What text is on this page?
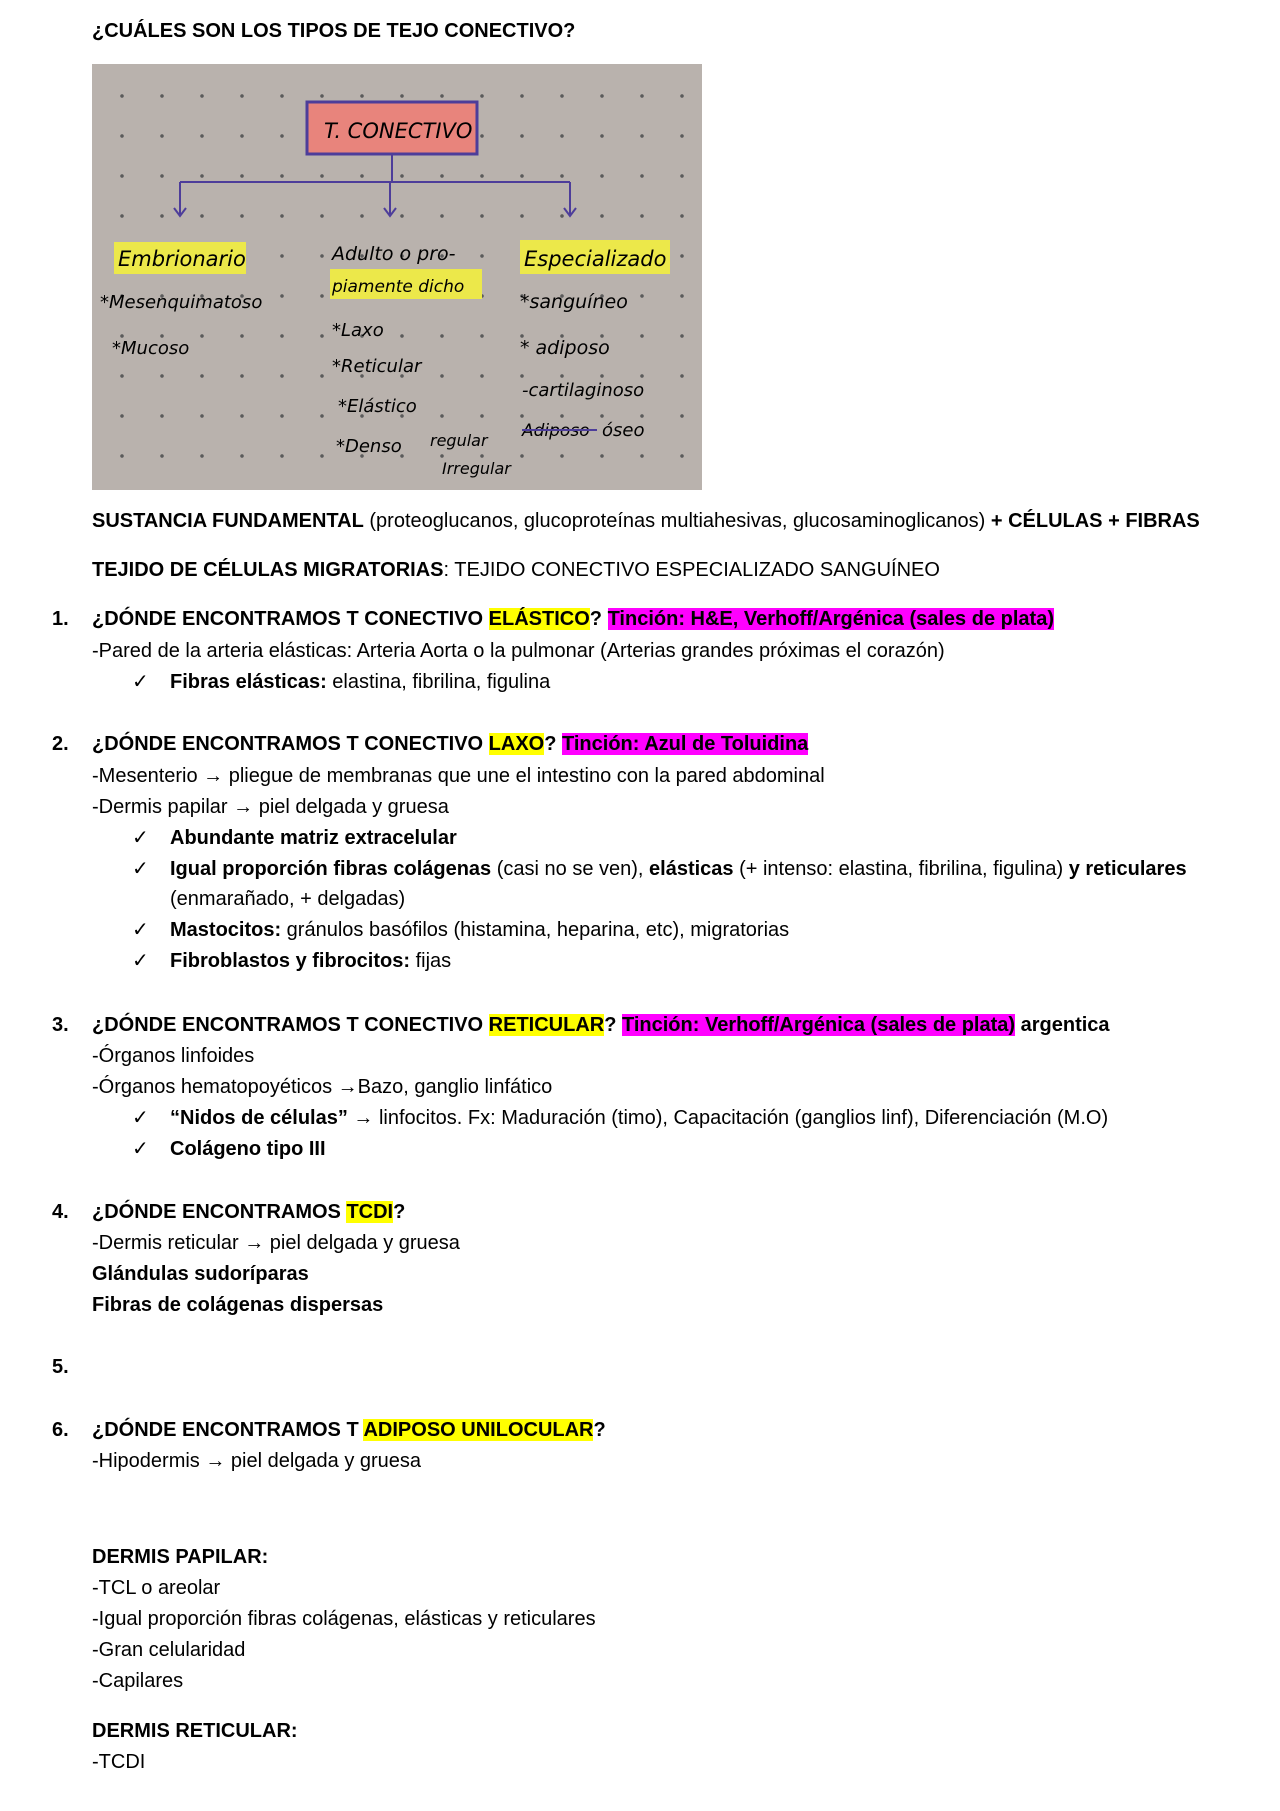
¿CUÁLES SON LOS TIPOS DE TEJO CONECTIVO?
T. CONECTIVO
Embrionario
*Mesenquimatoso
*Mucoso
Adulto o pro-
piamente dicho
*Laxo
*Reticular
*Elástico
*Denso regular
Irregular
Especializado
*sanguíneo
* adiposo
-cartilaginoso
Adiposo óseo
SUSTANCIA FUNDAMENTAL (proteoglucanos, glucoproteínas multiahesivas, glucosaminoglicanos) + CÉLULAS + FIBRAS
TEJIDO DE CÉLULAS MIGRATORIAS: TEJIDO CONECTIVO ESPECIALIZADO SANGUÍNEO
1. ¿DÓNDE ENCONTRAMOS T CONECTIVO ELÁSTICO? Tinción: H&E, Verhoff/Argénica (sales de plata)
-Pared de la arteria elásticas: Arteria Aorta o la pulmonar (Arterias grandes próximas el corazón)
✓ Fibras elásticas: elastina, fibrilina, figulina
2. ¿DÓNDE ENCONTRAMOS T CONECTIVO LAXO? Tinción: Azul de Toluidina
-Mesenterio → pliegue de membranas que une el intestino con la pared abdominal
-Dermis papilar → piel delgada y gruesa
✓ Abundante matriz extracelular
✓ Igual proporción fibras colágenas (casi no se ven), elásticas (+ intenso: elastina, fibrilina, figulina) y reticulares
(enmarañado, + delgadas)
✓ Mastocitos: gránulos basófilos (histamina, heparina, etc), migratorias
✓ Fibroblastos y fibrocitos: fijas
3. ¿DÓNDE ENCONTRAMOS T CONECTIVO RETICULAR? Tinción: Verhoff/Argénica (sales de plata) argentica
-Órganos linfoides
-Órganos hematopoyéticos →Bazo, ganglio linfático
✓ “Nidos de células” → linfocitos. Fx: Maduración (timo), Capacitación (ganglios linf), Diferenciación (M.O)
✓ Colágeno tipo III
4. ¿DÓNDE ENCONTRAMOS TCDI?
-Dermis reticular → piel delgada y gruesa
Glándulas sudoríparas
Fibras de colágenas dispersas
5.
6. ¿DÓNDE ENCONTRAMOS T ADIPOSO UNILOCULAR?
-Hipodermis → piel delgada y gruesa
DERMIS PAPILAR:
-TCL o areolar
-Igual proporción fibras colágenas, elásticas y reticulares
-Gran celularidad
-Capilares
DERMIS RETICULAR:
-TCDI
